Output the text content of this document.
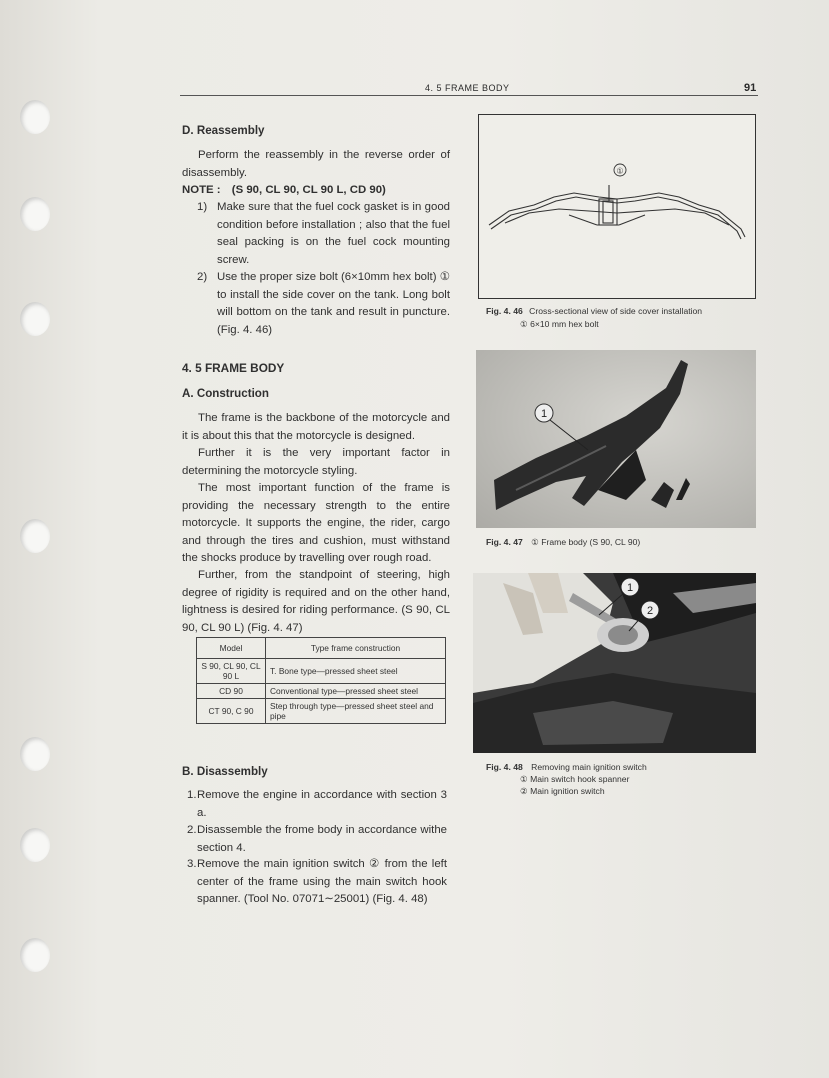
4. 5 FRAME BODY	91
D. Reassembly
Perform the reassembly in the reverse order of disassembly.
NOTE : (S 90, CL 90, CL 90 L, CD 90)
1) Make sure that the fuel cock gasket is in good condition before installation ; also that the fuel seal packing is on the fuel cock mounting screw.
2) Use the proper size bolt (6×10mm hex bolt) ① to install the side cover on the tank. Long bolt will bottom on the tank and result in puncture. (Fig. 4. 46)
4. 5 FRAME BODY
A. Construction
The frame is the backbone of the motorcycle and it is about this that the motorcycle is designed.
Further it is the very important factor in determining the motorcycle styling.
The most important function of the frame is providing the necessary strength to the entire motorcycle. It supports the engine, the rider, cargo and through the tires and cushion, must withstand the shocks produce by travelling over rough road.
Further, from the standpoint of steering, high degree of rigidity is required and on the other hand, lightness is desired for riding performance. (S 90, CL 90, CL 90 L) (Fig. 4. 47)
Model	Type frame construction
S 90, CL 90, CL 90 L	T. Bone type—pressed sheet steel
CD 90	Conventional type—pressed sheet steel
CT 90, C 90	Step through type—pressed sheet steel and pipe
B. Disassembly
1. Remove the engine in accordance with section 3 a.
2. Disassemble the frome body in accordance withe section 4.
3. Remove the main ignition switch ② from the left center of the frame using the main switch hook spanner. (Tool No. 07071∼25001) (Fig. 4. 48)
①
Fig. 4. 46 Cross-sectional view of side cover installation
① 6×10 mm hex bolt
1
Fig. 4. 47 ① Frame body (S 90, CL 90)
1
2
Fig. 4. 48 Removing main ignition switch
① Main switch hook spanner
② Main ignition switch
